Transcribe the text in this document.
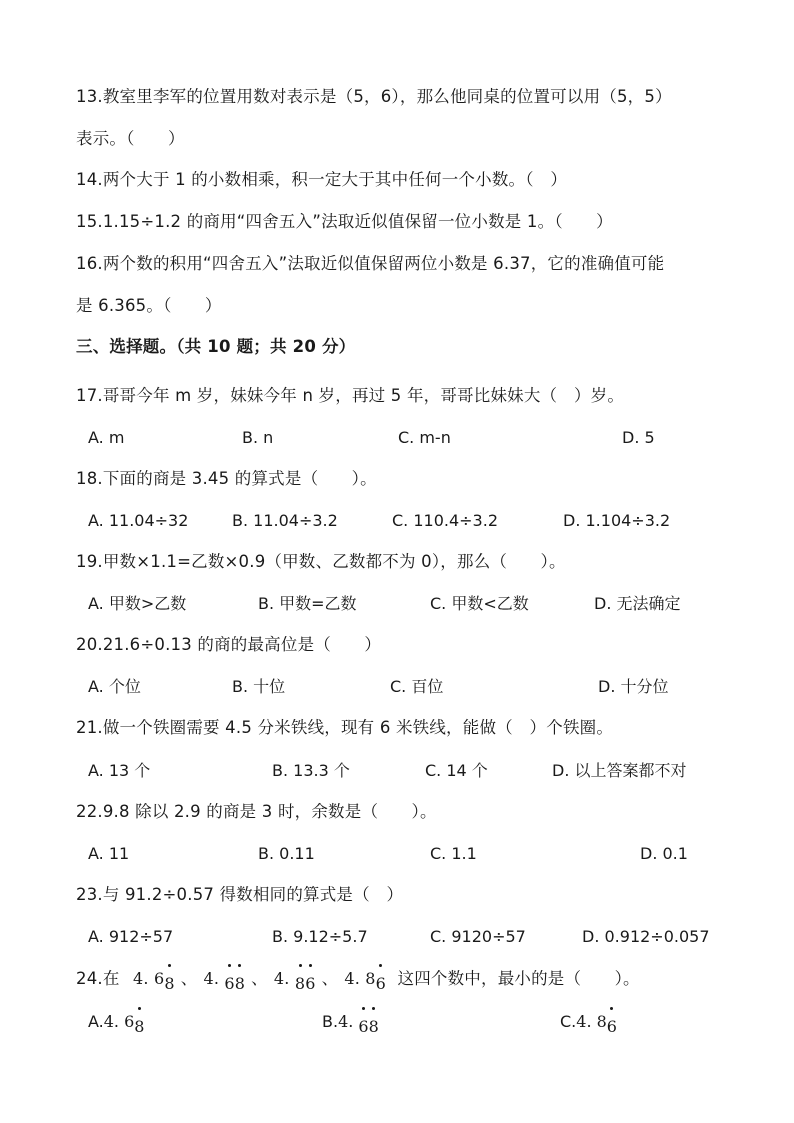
13.教室里李军的位置用数对表示是（5，6），那么他同桌的位置可以用（5，5）
表示。（　　）
14.两个大于 1 的小数相乘，积一定大于其中任何一个小数。（　）
15.1.15÷1.2 的商用“四舍五入”法取近似值保留一位小数是 1。（　　）
16.两个数的积用“四舍五入”法取近似值保留两位小数是 6.37，它的准确值可能
是 6.365。（　　）
三、选择题。（共 10 题；共 20 分）
17.哥哥今年 m 岁，妹妹今年 n 岁，再过 5 年，哥哥比妹妹大（　）岁。
A. m	B. n	C. m-n	D. 5
18.下面的商是 3.45 的算式是（　　）。
A. 11.04÷32	B. 11.04÷3.2	C. 110.4÷3.2	D. 1.104÷3.2
19.甲数×1.1=乙数×0.9（甲数、乙数都不为 0），那么（　　）。
A. 甲数>乙数	B. 甲数=乙数	C. 甲数<乙数	D. 无法确定
20.21.6÷0.13 的商的最高位是（　　）
A. 个位	B. 十位	C. 百位	D. 十分位
21.做一个铁圈需要 4.5 分米铁线，现有 6 米铁线，能做（　）个铁圈。
A. 13 个	B. 13.3 个	C. 14 个	D. 以上答案都不对
22.9.8 除以 2.9 的商是 3 时，余数是（　　）。
A. 11	B. 0.11	C. 1.1	D. 0.1
23.与 91.2÷0.57 得数相同的算式是（　）
A. 912÷57	B. 9.12÷5.7	C. 9120÷57	D. 0.912÷0.057
24.在 4. 68 、 4. 6
8 、 4. 8
6 、 4. 86 这四个数中，最小的是（　　）。
A.4. 68	B.4. 6
8	C.4. 86
